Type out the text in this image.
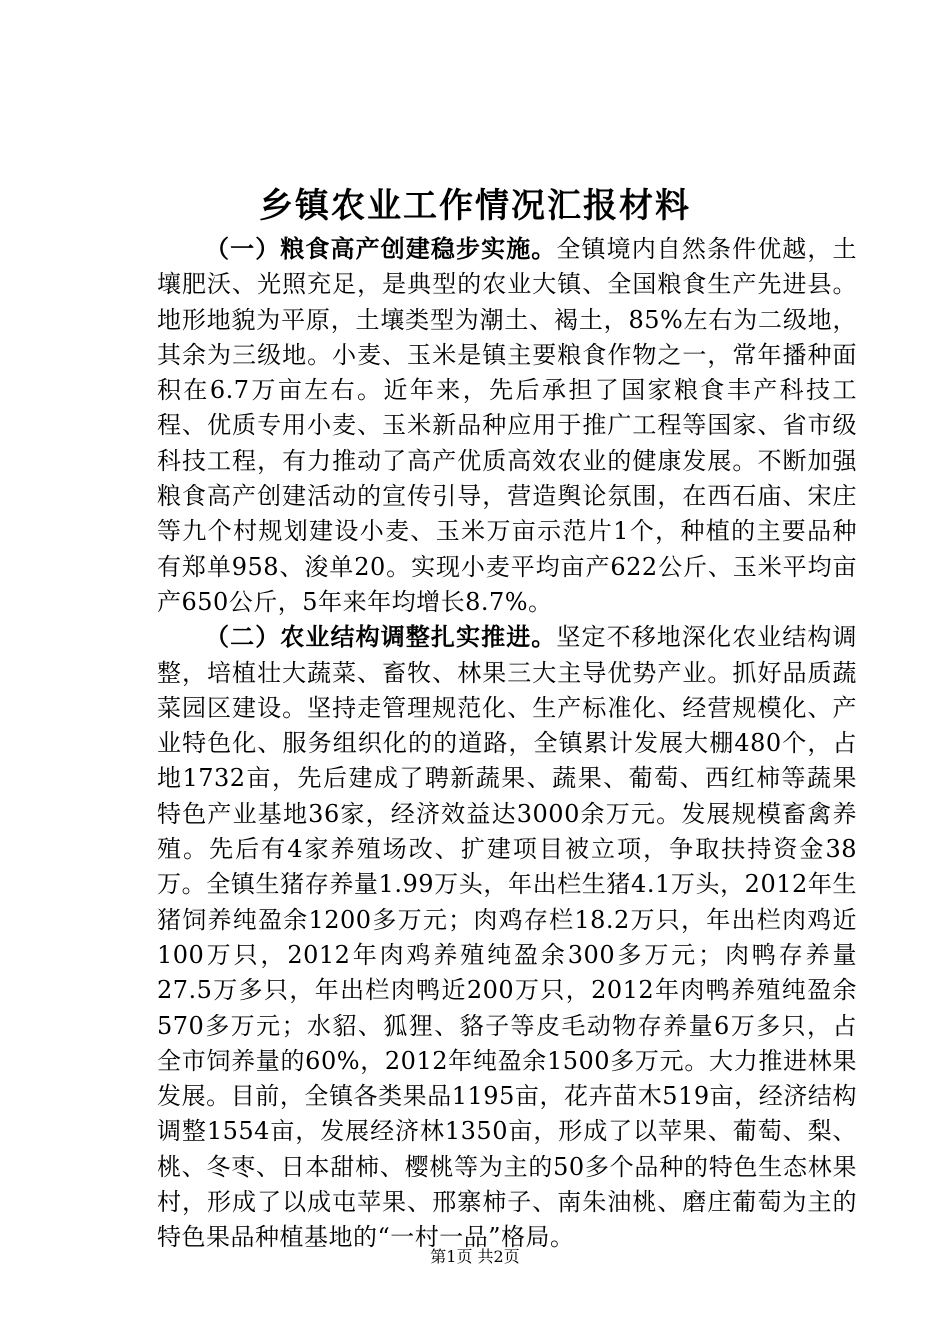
乡镇农业工作情况汇报材料

（一）粮食高产创建稳步实施。全镇境内自然条件优越，土壤肥沃、光照充足，是典型的农业大镇、全国粮食生产先进县。地形地貌为平原，土壤类型为潮土、褐土，85%左右为二级地，其余为三级地。小麦、玉米是镇主要粮食作物之一，常年播种面积在6.7万亩左右。近年来，先后承担了国家粮食丰产科技工程、优质专用小麦、玉米新品种应用于推广工程等国家、省市级科技工程，有力推动了高产优质高效农业的健康发展。不断加强粮食高产创建活动的宣传引导，营造舆论氛围，在西石庙、宋庄等九个村规划建设小麦、玉米万亩示范片1个，种植的主要品种有郑单958、浚单20。实现小麦平均亩产622公斤、玉米平均亩产650公斤，5年来年均增长8.7%。

（二）农业结构调整扎实推进。坚定不移地深化农业结构调整，培植壮大蔬菜、畜牧、林果三大主导优势产业。抓好品质蔬菜园区建设。坚持走管理规范化、生产标准化、经营规模化、产业特色化、服务组织化的的道路，全镇累计发展大棚480个，占地1732亩，先后建成了聘新蔬果、蔬果、葡萄、西红柿等蔬果特色产业基地36家，经济效益达3000余万元。发展规模畜禽养殖。先后有4家养殖场改、扩建项目被立项，争取扶持资金38万。全镇生猪存养量1.99万头，年出栏生猪4.1万头，2012年生猪饲养纯盈余1200多万元；肉鸡存栏18.2万只，年出栏肉鸡近100万只，2012年肉鸡养殖纯盈余300多万元；肉鸭存养量27.5万多只，年出栏肉鸭近200万只，2012年肉鸭养殖纯盈余570多万元；水貂、狐狸、貉子等皮毛动物存养量6万多只，占全市饲养量的60%，2012年纯盈余1500多万元。大力推进林果发展。目前，全镇各类果品1195亩，花卉苗木519亩，经济结构调整1554亩，发展经济林1350亩，形成了以苹果、葡萄、梨、桃、冬枣、日本甜柿、樱桃等为主的50多个品种的特色生态林果村，形成了以成屯苹果、邢寨柿子、南朱油桃、磨庄葡萄为主的特色果品种植基地的“一村一品”格局。

第1页 共2页
